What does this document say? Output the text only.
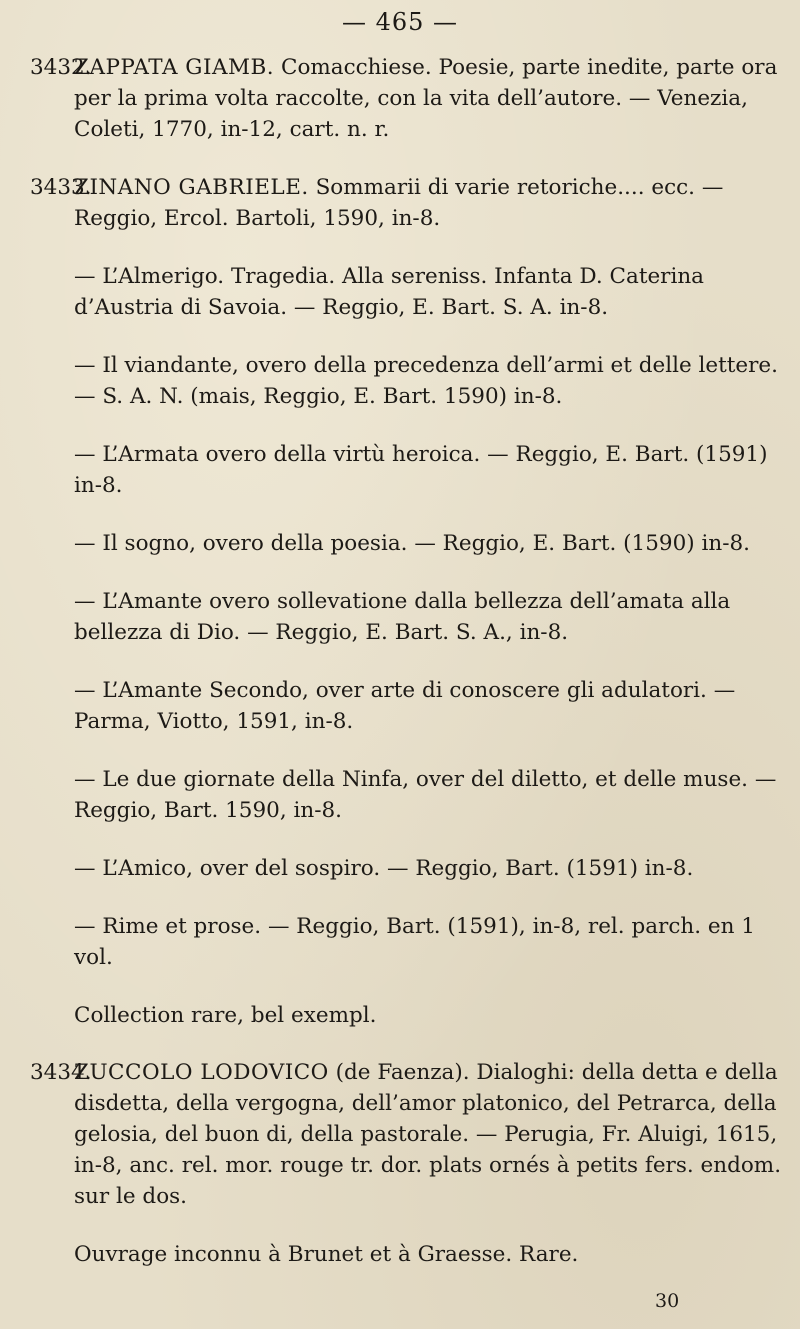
— 465 —

3432.ZAPPATA GIAMB. Comacchiese. Poesie, parte inedite, parte ora per la prima volta raccolte, con la vita dell’autore. — Venezia, Coleti, 1770, in-12, cart. n. r.

3433.ZINANO GABRIELE. Sommarii di varie retoriche.... ecc. — Reggio, Ercol. Bartoli, 1590, in-8.

— L’Almerigo. Tragedia. Alla sereniss. Infanta D. Caterina d’Austria di Savoia. — Reggio, E. Bart. S. A. in-8.

— Il viandante, overo della precedenza dell’armi et delle lettere. — S. A. N. (mais, Reggio, E. Bart. 1590) in-8.

— L’Armata overo della virtù heroica. — Reggio, E. Bart. (1591) in-8.

— Il sogno, overo della poesia. — Reggio, E. Bart. (1590) in-8.

— L’Amante overo sollevatione dalla bellezza dell’amata alla bellezza di Dio. — Reggio, E. Bart. S. A., in-8.

— L’Amante Secondo, over arte di conoscere gli adulatori. — Parma, Viotto, 1591, in-8.

— Le due giornate della Ninfa, over del diletto, et delle muse. — Reggio, Bart. 1590, in-8.

— L’Amico, over del sospiro. — Reggio, Bart. (1591) in-8.

— Rime et prose. — Reggio, Bart. (1591), in-8, rel. parch. en 1 vol.

Collection rare, bel exempl.

3434.ZUCCOLO LODOVICO (de Faenza). Dialoghi: della detta e della disdetta, della vergogna, dell’amor platonico, del Petrarca, della gelosia, del buon di, della pastorale. — Perugia, Fr. Aluigi, 1615, in-8, anc. rel. mor. rouge tr. dor. plats ornés à petits fers. endom. sur le dos.

Ouvrage inconnu à Brunet et à Graesse. Rare.

30
